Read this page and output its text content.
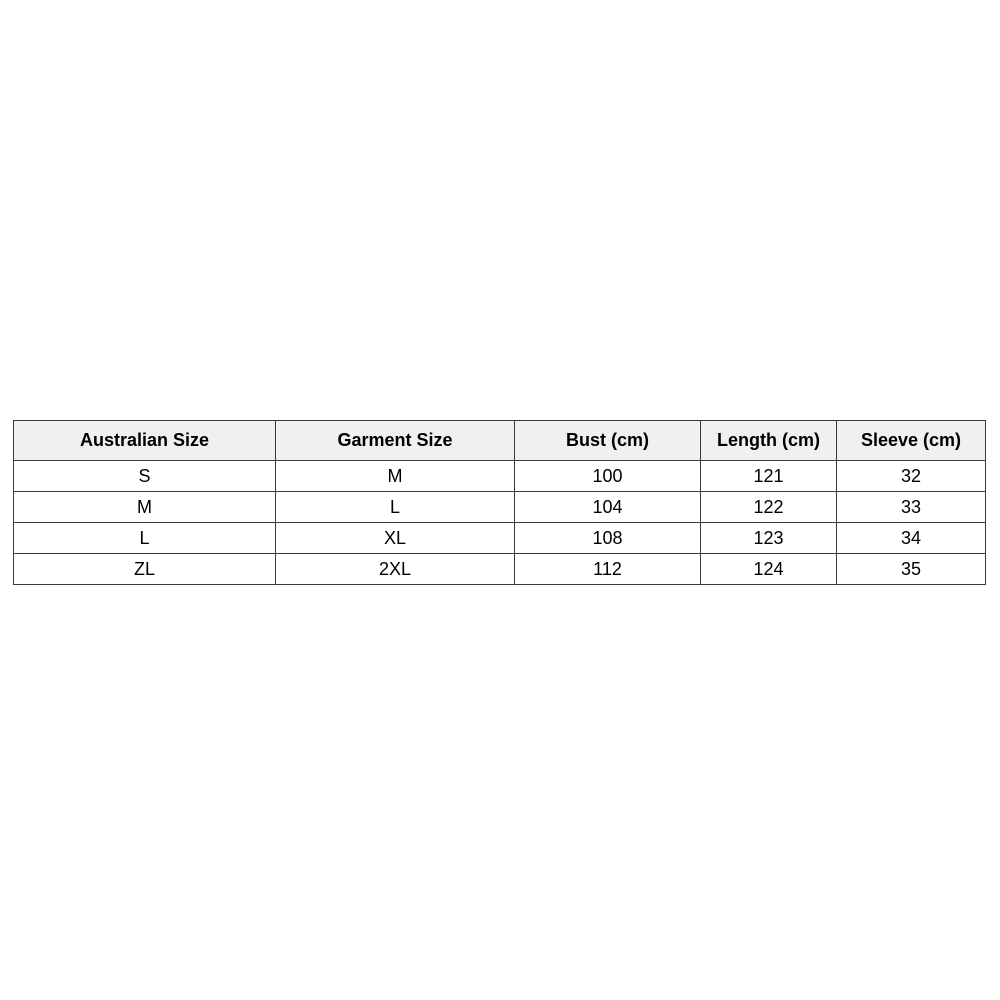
Australian Size	Garment Size	Bust (cm)	Length (cm)	Sleeve (cm)
S	M	100	121	32
M	L	104	122	33
L	XL	108	123	34
ZL	2XL	112	124	35
